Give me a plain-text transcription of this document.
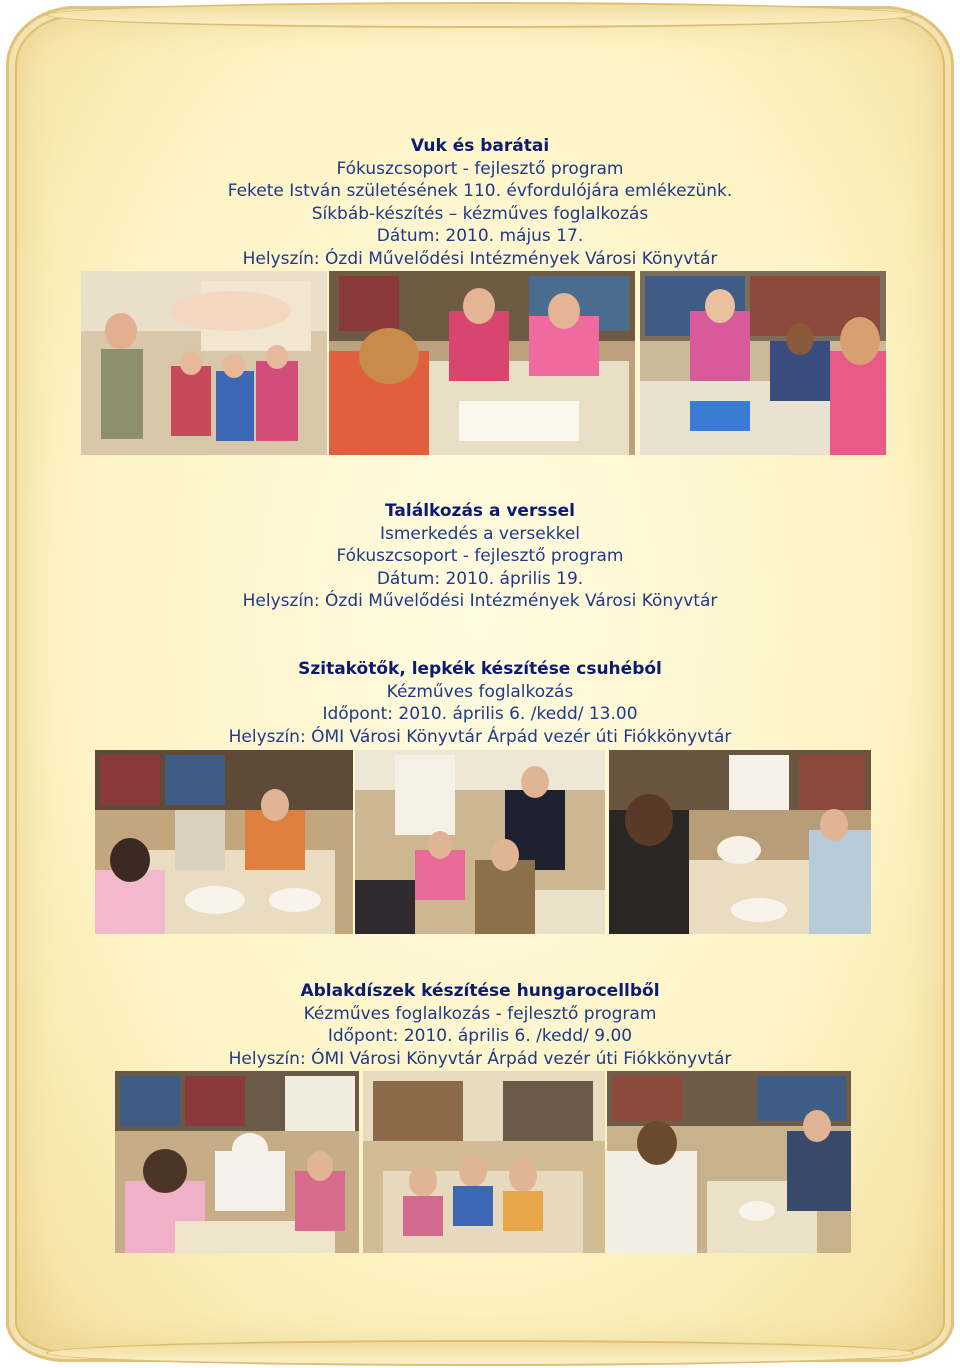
Vuk és barátai
Fókuszcsoport - fejlesztő program
Fekete István születésének 110. évfordulójára emlékezünk.
Síkbáb-készítés – kézműves foglalkozás
Dátum: 2010. május 17.
Helyszín: Ózdi Művelődési Intézmények Városi Könyvtár
Találkozás a verssel
Ismerkedés a versekkel
Fókuszcsoport - fejlesztő program
Dátum: 2010. április 19.
Helyszín: Ózdi Művelődési Intézmények Városi Könyvtár
Szitakötők, lepkék készítése csuhéból
Kézműves foglalkozás
Időpont: 2010. április 6. /kedd/ 13.00
Helyszín: ÓMI Városi Könyvtár Árpád vezér úti Fiókkönyvtár
Ablakdíszek készítése hungarocellből
Kézműves foglalkozás - fejlesztő program
Időpont: 2010. április 6. /kedd/ 9.00
Helyszín: ÓMI Városi Könyvtár Árpád vezér úti Fiókkönyvtár
